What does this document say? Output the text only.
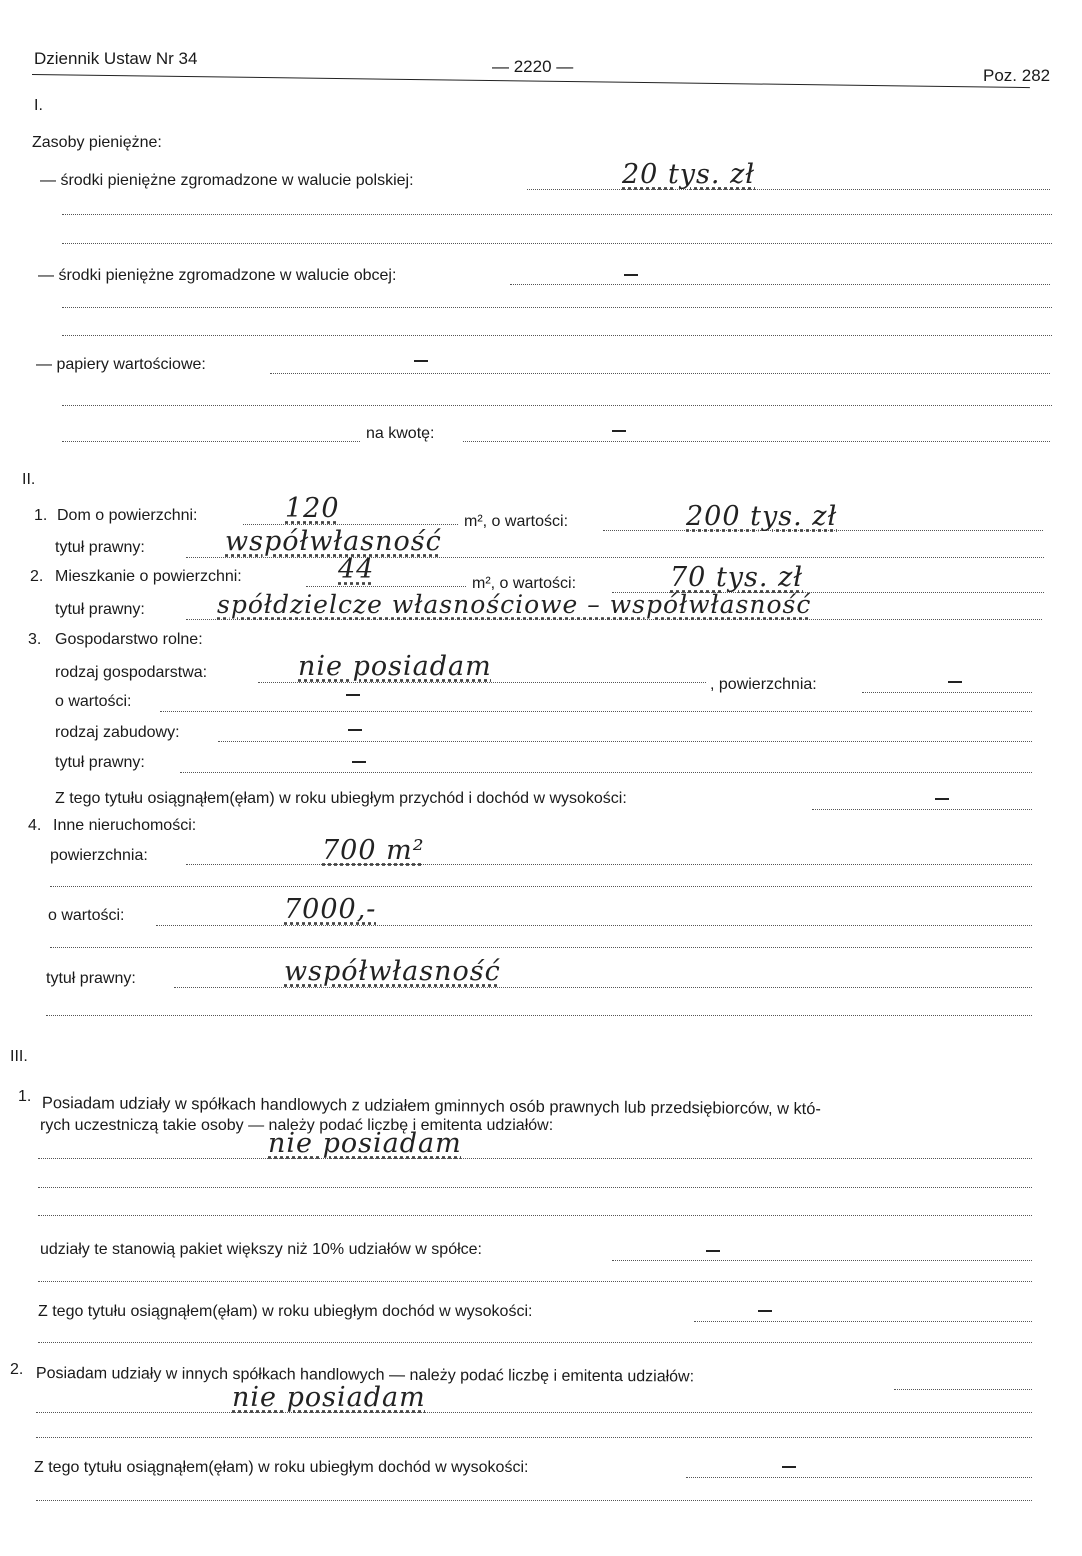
Dziennik Ustaw Nr 34	— 2220 —	Poz. 282
I.
Zasoby pieniężne:
— środki pieniężne zgromadzone w walucie polskiej:	20 tys. zł
— środki pieniężne zgromadzone w walucie obcej:
— papiery wartościowe:
na kwotę:
II.
1. Dom o powierzchni:	120	m², o wartości:	200 tys. zł
tytuł prawny:	współwłasność
2. Mieszkanie o powierzchni:	44	m², o wartości:	70 tys. zł
tytuł prawny:	spółdzielcze własnościowe – współwłasność
3. Gospodarstwo rolne:
rodzaj gospodarstwa:	nie posiadam
, powierzchnia:
o wartości:
rodzaj zabudowy:
tytuł prawny:
Z tego tytułu osiągnąłem(ęłam) w roku ubiegłym przychód i dochód w wysokości:
4. Inne nieruchomości:
powierzchnia:	700 m²
o wartości:	7000,-
tytuł prawny:	współwłasność
III.
1. Posiadam udziały w spółkach handlowych z udziałem gminnych osób prawnych lub przedsiębiorców, w któ-
rych uczestniczą takie osoby — należy podać liczbę i emitenta udziałów:
nie posiadam
udziały te stanowią pakiet większy niż 10% udziałów w spółce:
Z tego tytułu osiągnąłem(ęłam) w roku ubiegłym dochód w wysokości:
2. Posiadam udziały w innych spółkach handlowych — należy podać liczbę i emitenta udziałów:
nie posiadam
Z tego tytułu osiągnąłem(ęłam) w roku ubiegłym dochód w wysokości:
